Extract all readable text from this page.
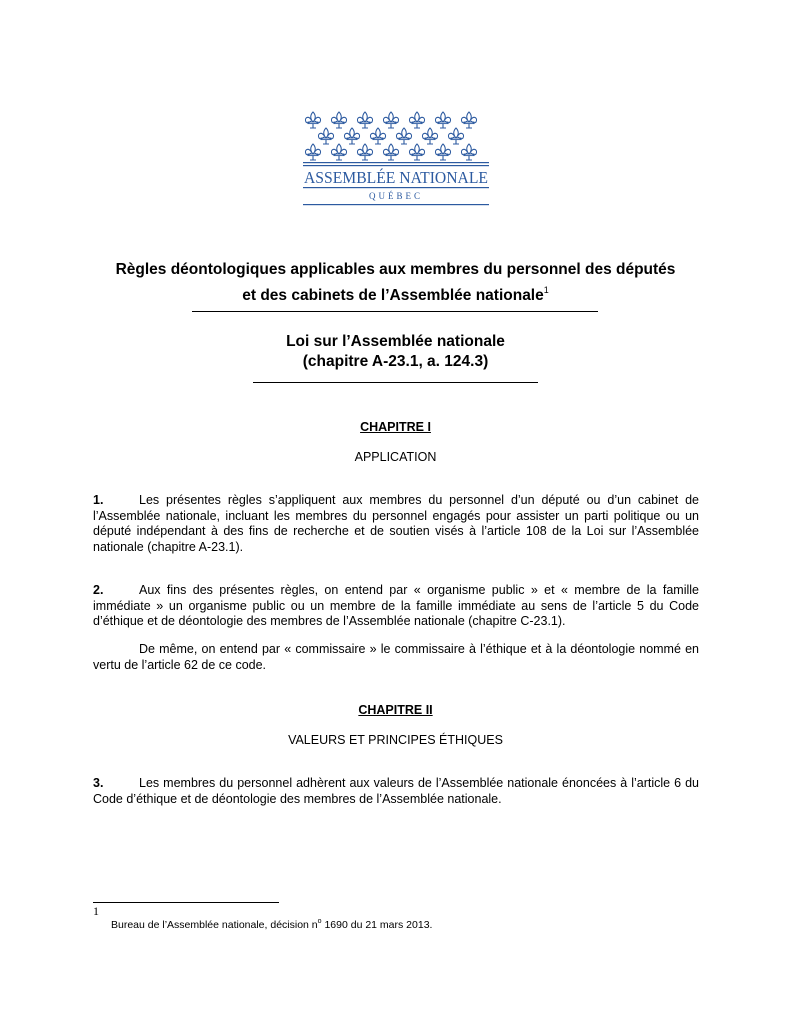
ASSEMBLÉE NATIONALE
QUÉBEC
Règles déontologiques applicables aux membres du personnel des députés
et des cabinets de l’Assemblée nationale$^1$
Loi sur l’Assemblée nationale
(chapitre A-23.1, a. 124.3)
CHAPITRE I
APPLICATION
1.	Les présentes règles s’appliquent aux membres du personnel d’un député ou d’un cabinet de l’Assemblée nationale, incluant les membres du personnel engagés pour assister un parti politique ou un député indépendant à des fins de recherche et de soutien visés à l’article 108 de la Loi sur l’Assemblée nationale (chapitre A-23.1).
2.	Aux fins des présentes règles, on entend par « organisme public » et « membre de la famille immédiate » un organisme public ou un membre de la famille immédiate au sens de l’article 5 du Code d’éthique et de déontologie des membres de l’Assemblée nationale (chapitre C-23.1).
De même, on entend par « commissaire » le commissaire à l’éthique et à la déontologie nommé en vertu de l’article 62 de ce code.
CHAPITRE II
VALEURS ET PRINCIPES ÉTHIQUES
3.	Les membres du personnel adhèrent aux valeurs de l’Assemblée nationale énoncées à l’article 6 du Code d’éthique et de déontologie des membres de l’Assemblée nationale.
1
Bureau de l’Assemblée nationale, décision $n^o$ 1690 du 21 mars 2013.
